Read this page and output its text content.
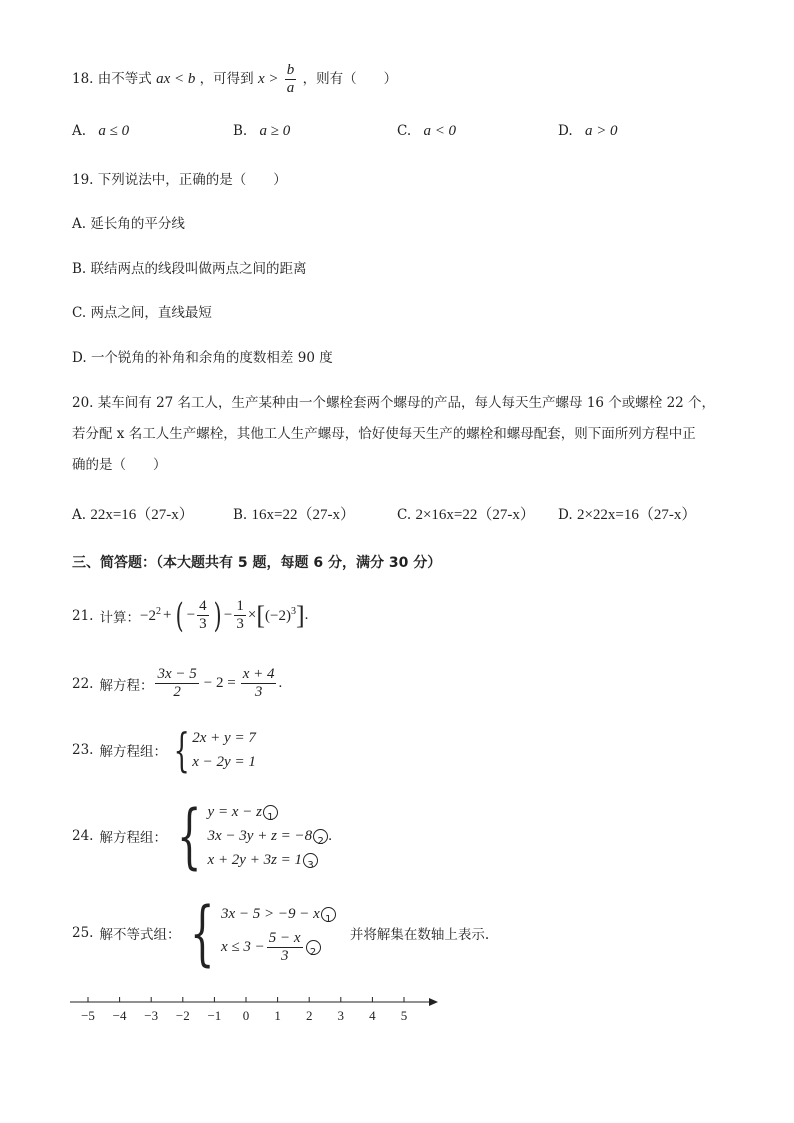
18. 由不等式 ax < b ，可得到 $x > \frac{b}{a}$ ，则有（　　）
A. a ≤ 0	B. a ≥ 0	C. a < 0	D. a > 0
19. 下列说法中，正确的是（　　）
A. 延长角的平分线
B. 联结两点的线段叫做两点之间的距离
C. 两点之间，直线最短
D. 一个锐角的补角和余角的度数相差 90 度
20. 某车间有 27 名工人，生产某种由一个螺栓套两个螺母的产品，每人每天生产螺母 16 个或螺栓 22 个，
若分配 x 名工人生产螺栓，其他工人生产螺母，恰好使每天生产的螺栓和螺母配套，则下面所列方程中正
确的是（　　）
A. 22x=16（27-x）	B. 16x=22（27-x）	C. 2×16x=22（27-x） D. 2×22x=16（27-x）
三、简答题：（本大题共有 5 题，每题 6 分，满分 30 分）
21. 计算： $-2^2$ + ( − $\frac{4}{3}$ ) − $\frac{1}{3}$ × [ $(-2)^3$ ] .
22. 解方程： $\frac{3x - 5}{2} - 2 = \frac{x + 4}{3}$ .
23. 解方程组： { 2x + y = 7
x − 2y = 1
24. 解方程组： { y = x − z 1
3x − 3y + z = −8 2 .
x + 2y + 3z = 1 3
25. 解不等式组： { 3x − 5 > −9 − x 1
$x \le 3 - \frac{5 - x}{3} 2$
并将解集在数轴上表示.
−5 −4 −3 −2 −1 0 1 2 3 4 5
